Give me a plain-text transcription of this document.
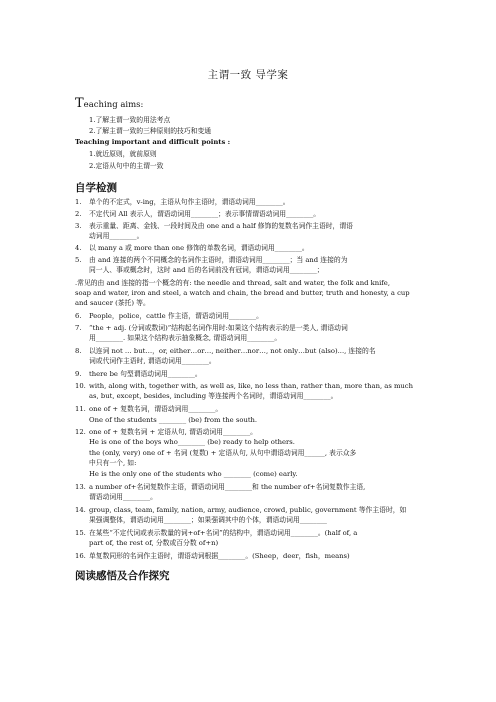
主谓一致 导学案
Teaching aims:
1.了解主谓一致的用法考点
2.了解主谓一致的三种原则的技巧和变通
Teaching important and difficult points :
1.就近原则，就前原则
2.定语从句中的主谓一致
自学检测
1.	单个的不定式，v-ing，主语从句作主语时，谓语动词用________。
2.	不定代词 All 表示人，谓语动词用________；表示事情谓语动词用________。
3.	表示重量、距离、金钱、一段时间及由 one and a half 修饰的复数名词作主语时，谓语
动词用________。
4.	以 many a 或 more than one 修饰的单数名词，谓语动词用________。
5.	由 and 连接的两个不同概念的名词作主语时，谓语动词用________；当 and 连接的为
同一人、事或概念时，这时 and 后的名词前没有冠词，谓语动词用________；
.常见的由 and 连接的指一个概念的有: the needle and thread, salt and water, the folk and knife,
soap and water, iron and steel, a watch and chain, the bread and butter, truth and honesty, a cup
and saucer (茶托) 等。
6.	People，police，cattle 作主语，谓语动词用________。
7.	“the + adj. (分词或数词)”结构起名词作用时:如果这个结构表示的是一类人, 谓语动词
用________. 如果这个结构表示抽象概念, 谓语动词用________。
8.	以连词 not … but…，or, either…or…, neither…nor…, not only…but (also)..., 连接的名
词或代词作主语时, 谓语动词用________。
9.	there be 句型谓语动词用________。
10. with, along with, together with, as well as, like, no less than, rather than, more than, as much
as, but, except, besides, including 等连接两个名词时，谓语动词用________。
11. one of + 复数名词，谓语动词用________。
One of the students ________ (be) from the south.
12. one of + 复数名词 + 定语从句, 谓语动词用________。
He is one of the boys who________ (be) ready to help others.
the (only, very) one of + 名词 (复数) + 定语从句, 从句中谓语动词用______, 表示众多
中只有一个, 如:
He is the only one of the students who ________ (come) early.
13. a number of+名词复数作主语，谓语动词用________和 the number of+名词复数作主语,
谓语动词用________。
14. group, class, team, family, nation, army, audience, crowd, public, government 等作主语时，如
果强调整体，谓语动词用________；如果强调其中的个体，谓语动词用________
15. 在某些“不定代词或表示数量的词+of+名词”的结构中，谓语动词用________。(half of, a
part of, the rest of, 分数或百分数 of+n)
16. 单复数同形的名词作主语时，谓语动词根据________。(Sheep，deer，fish，means)
阅读感悟及合作探究
